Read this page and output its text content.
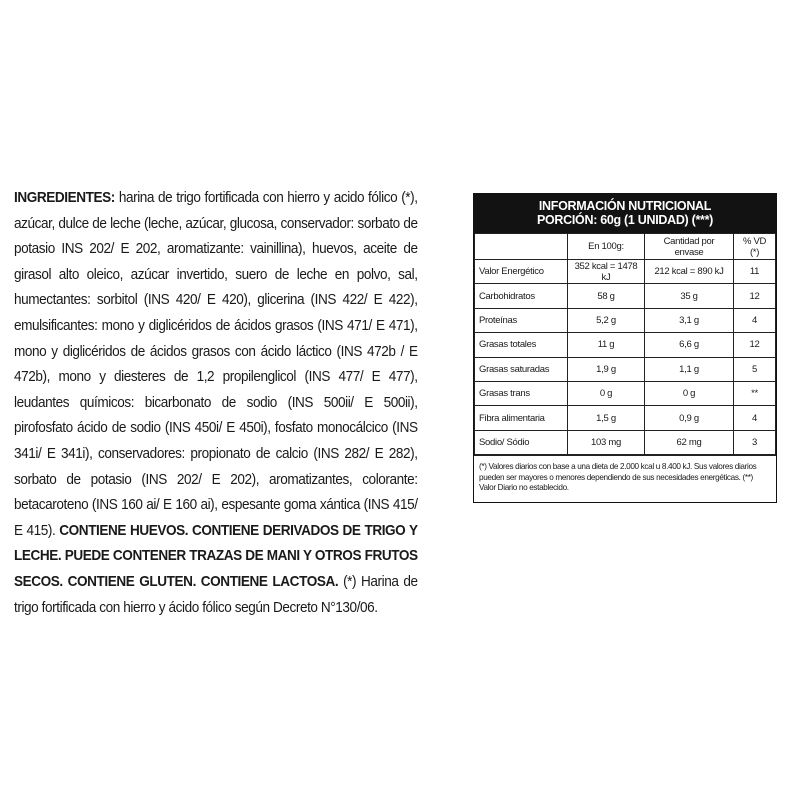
INGREDIENTES: harina de trigo fortificada con hierro y acido fólico (*), azúcar, dulce de leche (leche, azúcar, glucosa, conservador: sorbato de potasio INS 202/ E 202, aromatizante: vainillina), huevos, aceite de girasol alto oleico, azúcar invertido, suero de leche en polvo, sal, humectantes: sorbitol (INS 420/ E 420), glicerina (INS 422/ E 422), emulsificantes: mono y diglicéridos de ácidos grasos (INS 471/ E 471), mono y diglicéridos de ácidos grasos con ácido láctico (INS 472b / E 472b), mono y diesteres de 1,2 propilenglicol (INS 477/ E 477), leudantes químicos: bicarbonato de sodio (INS 500ii/ E 500ii), pirofosfato ácido de sodio (INS 450i/ E 450i), fosfato monocálcico (INS 341i/ E 341i), conservadores: propionato de calcio (INS 282/ E 282), sorbato de potasio (INS 202/ E 202), aromatizantes, colorante: betacaroteno (INS 160 ai/ E 160 ai), espesante goma xántica (INS 415/ E 415). CONTIENE HUEVOS. CONTIENE DERIVADOS DE TRIGO Y LECHE. PUEDE CONTENER TRAZAS DE MANI Y OTROS FRUTOS SECOS. CONTIENE GLUTEN. CONTIENE LACTOSA. (*) Harina de trigo fortificada con hierro y ácido fólico según Decreto N°130/06.
INFORMACIÓN NUTRICIONAL
PORCIÓN: 60g (1 UNIDAD) (***)
	En 100g:	Cantidad por envase	% VD (*)
Valor Energético	352 kcal = 1478 kJ	212 kcal = 890 kJ	11
Carbohidratos	58 g	35 g	12
Proteínas	5,2 g	3,1 g	4
Grasas totales	11 g	6,6 g	12
Grasas saturadas	1,9 g	1,1 g	5
Grasas trans	0 g	0 g	**
Fibra alimentaria	1,5 g	0,9 g	4
Sodio/ Sódio	103 mg	62 mg	3
(*) Valores diarios con base a una dieta de 2.000 kcal u 8.400 kJ. Sus valores diarios pueden ser mayores o menores dependiendo de sus necesidades energéticas. (**) Valor Diario no establecido.
